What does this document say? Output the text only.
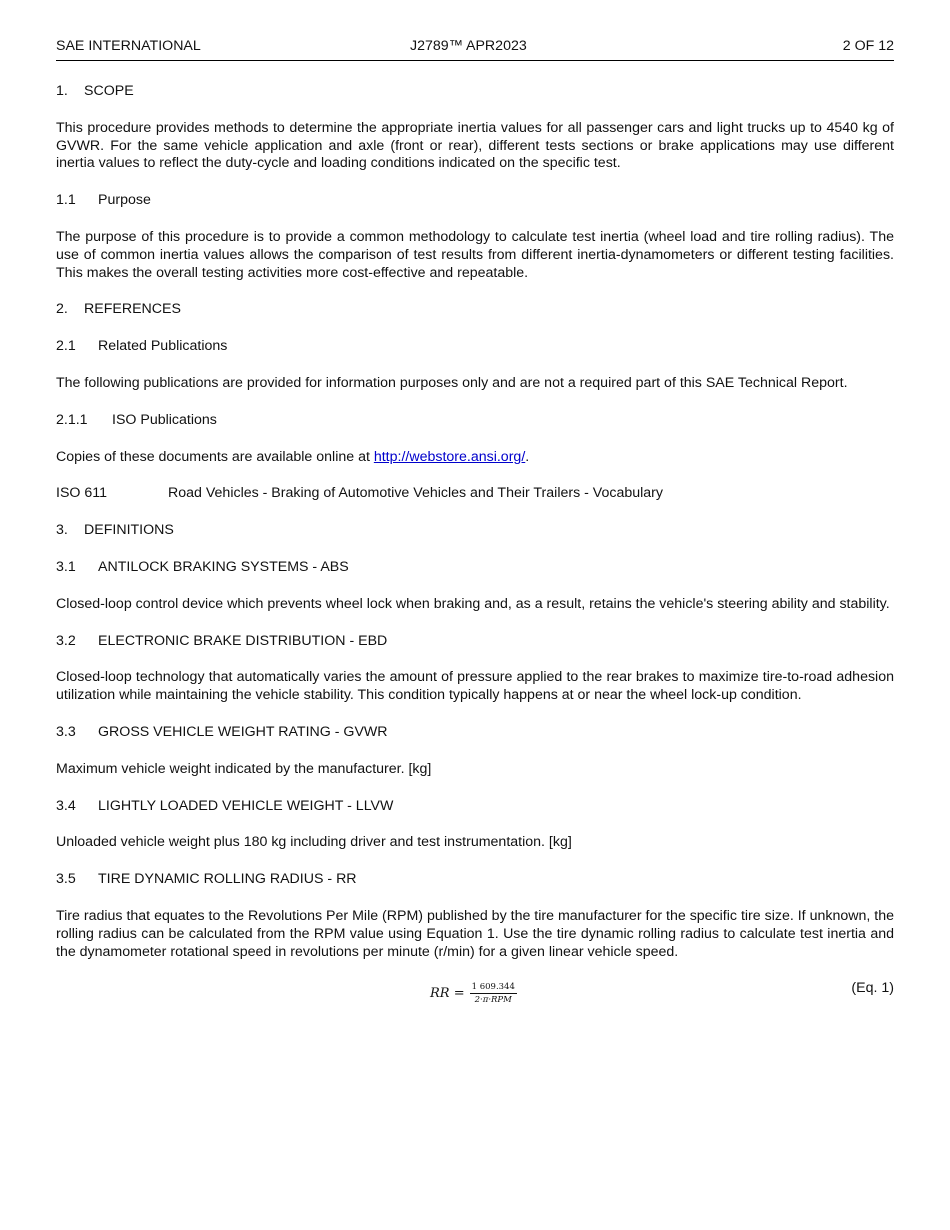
SAE INTERNATIONAL	J2789™ APR2023	2 OF 12
1.	SCOPE

This procedure provides methods to determine the appropriate inertia values for all passenger cars and light trucks up to 4540 kg of GVWR. For the same vehicle application and axle (front or rear), different tests sections or brake applications may use different inertia values to reflect the duty-cycle and loading conditions indicated on the specific test.

1.1	Purpose

The purpose of this procedure is to provide a common methodology to calculate test inertia (wheel load and tire rolling radius). The use of common inertia values allows the comparison of test results from different inertia-dynamometers or different testing facilities. This makes the overall testing activities more cost-effective and repeatable.

2.	REFERENCES
2.1	Related Publications

The following publications are provided for information purposes only and are not a required part of this SAE Technical Report.

2.1.1	ISO Publications

Copies of these documents are available online at http://webstore.ansi.org/.

ISO 611	Road Vehicles - Braking of Automotive Vehicles and Their Trailers - Vocabulary
3.	DEFINITIONS
3.1	ANTILOCK BRAKING SYSTEMS - ABS

Closed-loop control device which prevents wheel lock when braking and, as a result, retains the vehicle's steering ability and stability.

3.2	ELECTRONIC BRAKE DISTRIBUTION - EBD

Closed-loop technology that automatically varies the amount of pressure applied to the rear brakes to maximize tire-to-road adhesion utilization while maintaining the vehicle stability. This condition typically happens at or near the wheel lock-up condition.

3.3	GROSS VEHICLE WEIGHT RATING - GVWR

Maximum vehicle weight indicated by the manufacturer. [kg]

3.4	LIGHTLY LOADED VEHICLE WEIGHT - LLVW

Unloaded vehicle weight plus 180 kg including driver and test instrumentation. [kg]

3.5	TIRE DYNAMIC ROLLING RADIUS - RR

Tire radius that equates to the Revolutions Per Mile (RPM) published by the tire manufacturer for the specific tire size. If unknown, the rolling radius can be calculated from the RPM value using Equation 1. Use the tire dynamic rolling radius to calculate test inertia and the dynamometer rotational speed in revolutions per minute (r/min) for a given linear vehicle speed.

RR = $\frac{1 609.344}{\text{2·π·RPM}}$	(Eq. 1)
